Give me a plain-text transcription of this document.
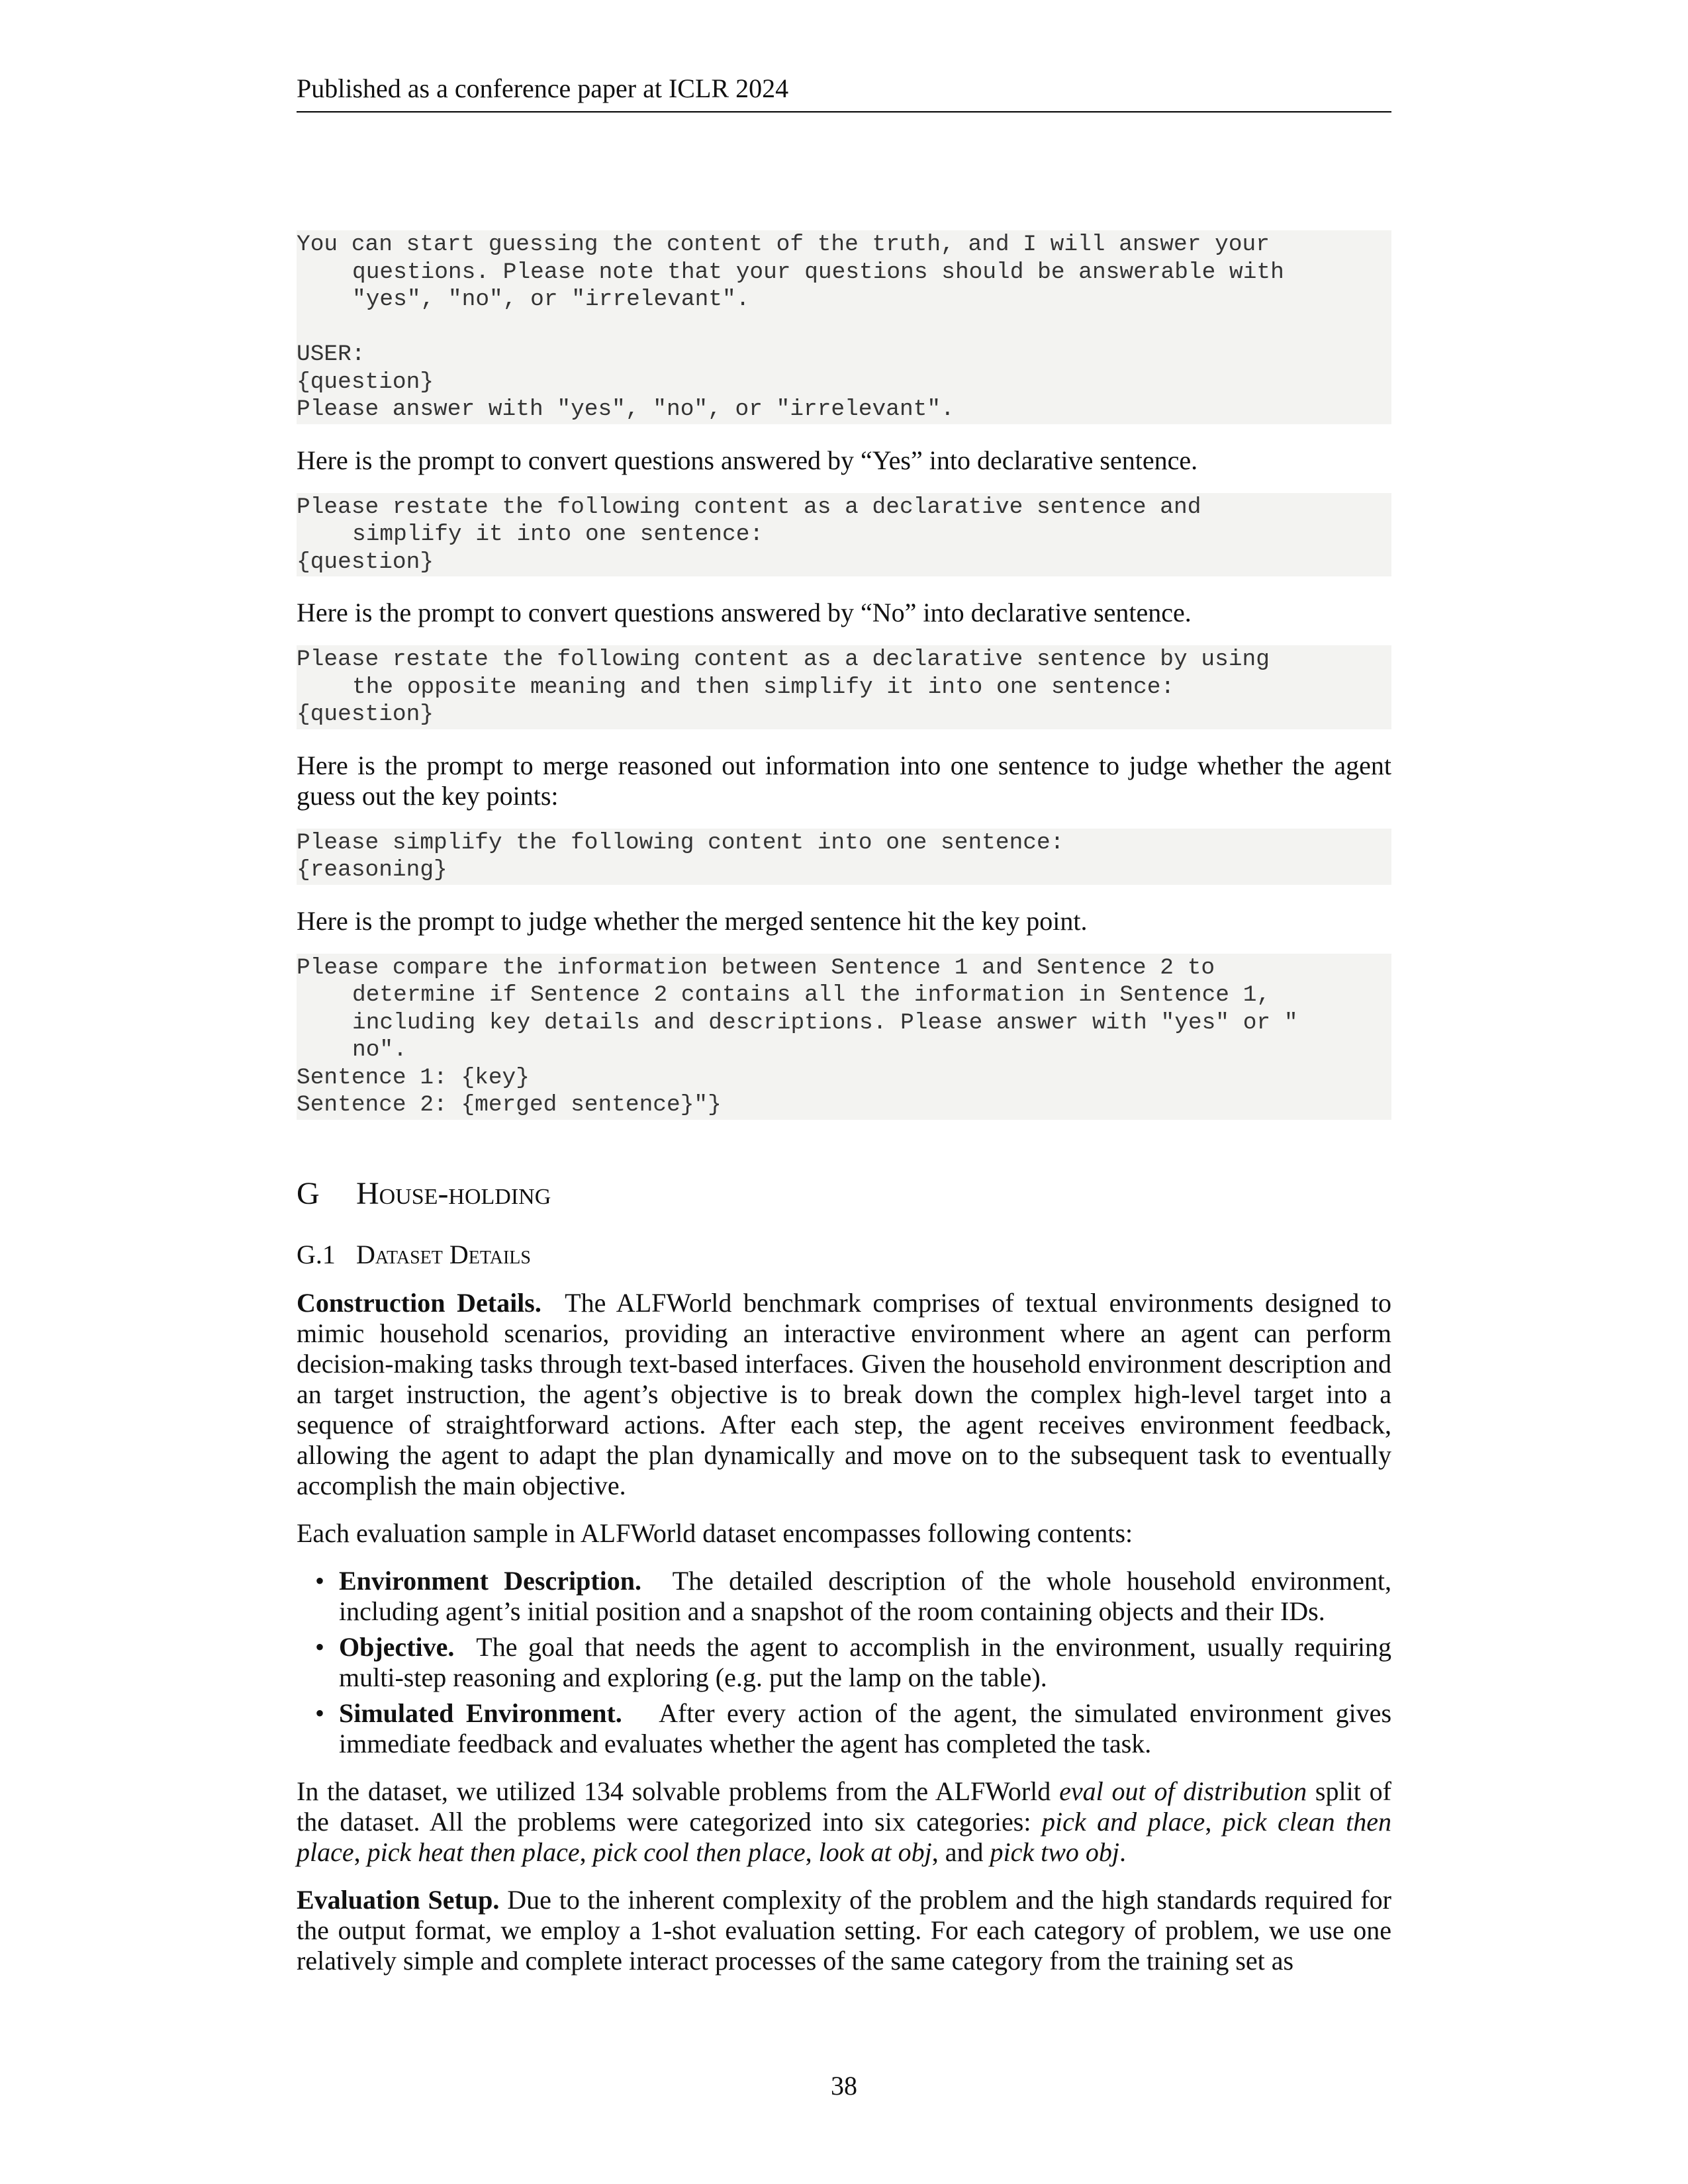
Published as a conference paper at ICLR 2024
You can start guessing the content of the truth, and I will answer your
questions. Please note that your questions should be answerable with
"yes", "no", or "irrelevant".
USER:
{question}
Please answer with "yes", "no", or "irrelevant".

Here is the prompt to convert questions answered by “Yes” into declarative sentence.

Please restate the following content as a declarative sentence and
simplify it into one sentence:
{question}

Here is the prompt to convert questions answered by “No” into declarative sentence.

Please restate the following content as a declarative sentence by using
the opposite meaning and then simplify it into one sentence:
{question}

Here is the prompt to merge reasoned out information into one sentence to judge whether the agent guess out the key points:

Please simplify the following content into one sentence:
{reasoning}

Here is the prompt to judge whether the merged sentence hit the key point.

Please compare the information between Sentence 1 and Sentence 2 to
determine if Sentence 2 contains all the information in Sentence 1,
including key details and descriptions. Please answer with "yes" or "
no".
Sentence 1: {key}
Sentence 2: {merged sentence}"}
G House-holding
G.1 Dataset Details

Construction Details. The ALFWorld benchmark comprises of textual environments designed to mimic household scenarios, providing an interactive environment where an agent can perform decision-making tasks through text-based interfaces. Given the household environment description and an target instruction, the agent’s objective is to break down the complex high-level target into a sequence of straightforward actions. After each step, the agent receives environment feedback, allowing the agent to adapt the plan dynamically and move on to the subsequent task to eventually accomplish the main objective.

Each evaluation sample in ALFWorld dataset encompasses following contents:

• Environment Description. The detailed description of the whole household environment, including agent’s initial position and a snapshot of the room containing objects and their IDs.
• Objective. The goal that needs the agent to accomplish in the environment, usually requiring multi-step reasoning and exploring (e.g. put the lamp on the table).
• Simulated Environment. After every action of the agent, the simulated environment gives immediate feedback and evaluates whether the agent has completed the task.

In the dataset, we utilized 134 solvable problems from the ALFWorld eval out of distribution split of the dataset. All the problems were categorized into six categories: pick and place, pick clean then place, pick heat then place, pick cool then place, look at obj, and pick two obj.

Evaluation Setup. Due to the inherent complexity of the problem and the high standards required for the output format, we employ a 1-shot evaluation setting. For each category of problem, we use one relatively simple and complete interact processes of the same category from the training set as

38
